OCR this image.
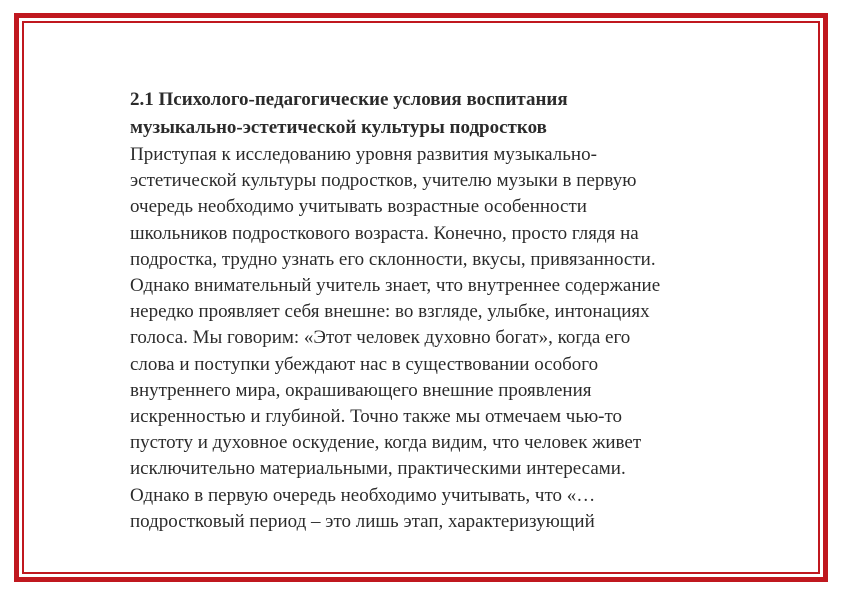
2.1 Психолого-педагогические условия воспитания
музыкально-эстетической культуры подростков

Приступая к исследованию уровня развития музыкально-
эстетической культуры подростков, учителю музыки в первую
очередь необходимо учитывать возрастные особенности
школьников подросткового возраста. Конечно, просто глядя на
подростка, трудно узнать его склонности, вкусы, привязанности.
Однако внимательный учитель знает, что внутреннее содержание
нередко проявляет себя внешне: во взгляде, улыбке, интонациях
голоса. Мы говорим: «Этот человек духовно богат», когда его
слова и поступки убеждают нас в существовании особого
внутреннего мира, окрашивающего внешние проявления
искренностью и глубиной. Точно также мы отмечаем чью-то
пустоту и духовное оскудение, когда видим, что человек живет
исключительно материальными, практическими интересами.
Однако в первую очередь необходимо учитывать, что «…
подростковый период – это лишь этап, характеризующий
